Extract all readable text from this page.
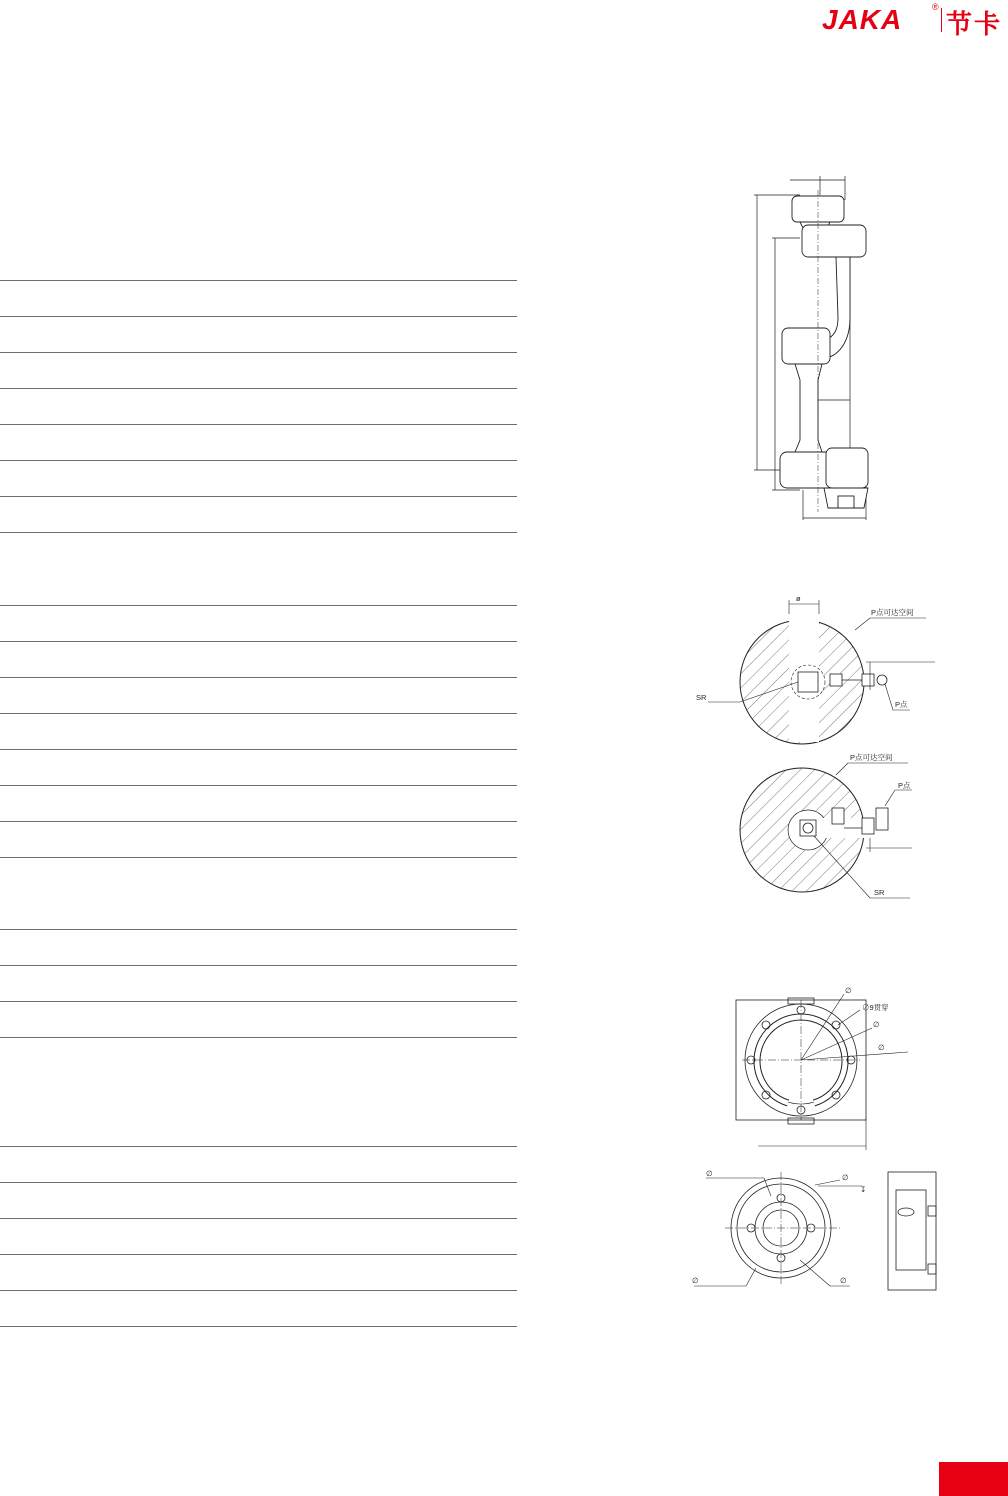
JAKA	®
节卡
ø
P点可达空间
SR
P点
P点可达空间
P点
SR
∅
∅9贯穿
∅
∅
∅	∅
↧
∅	∅
